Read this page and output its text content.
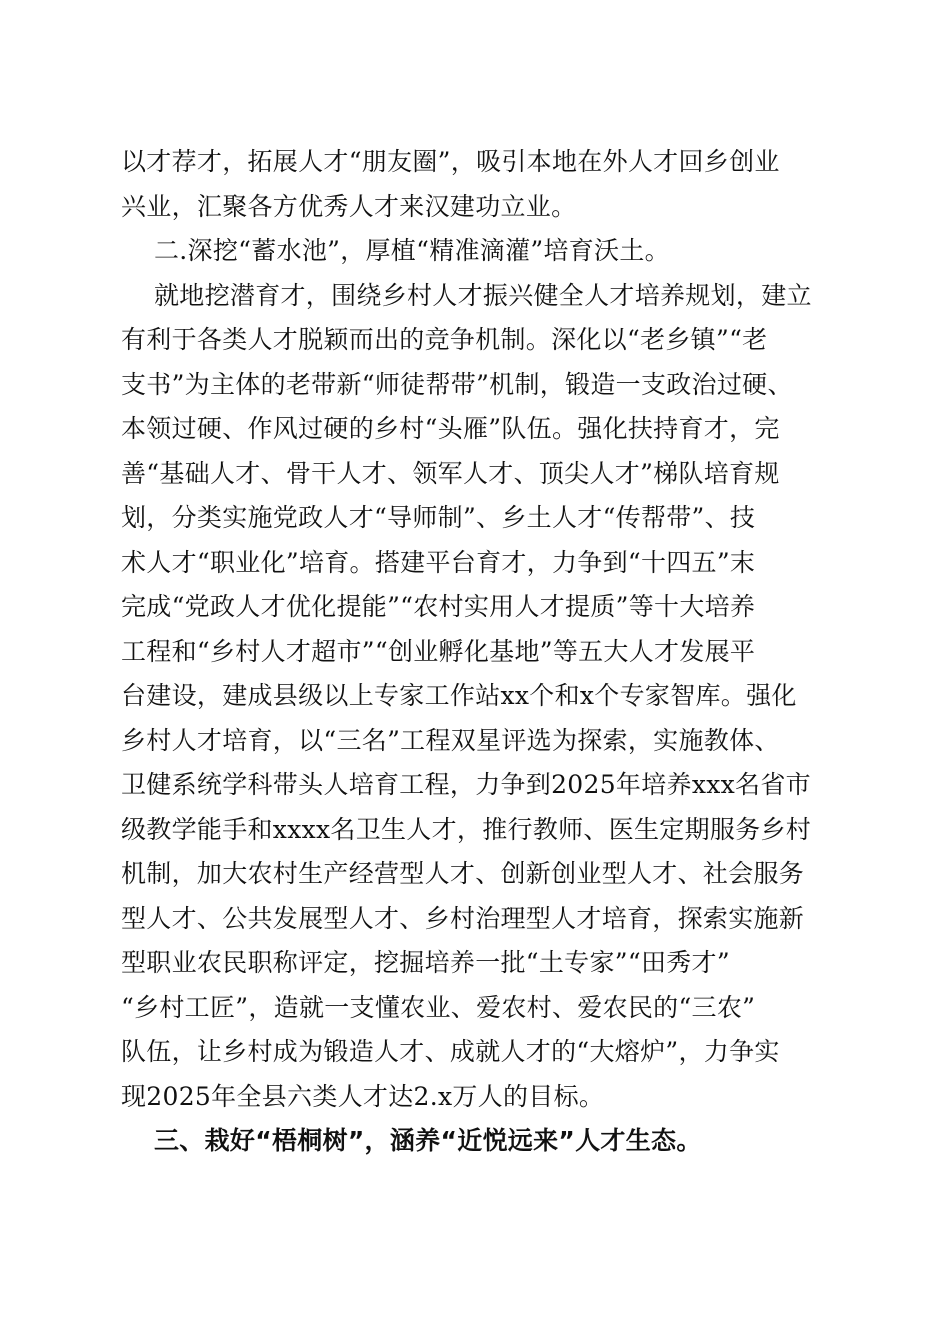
以才荐才，拓展人才“朋友圈”，吸引本地在外人才回乡创业
兴业，汇聚各方优秀人才来汉建功立业。
二.深挖“蓄水池”，厚植“精准滴灌”培育沃土。
就地挖潜育才，围绕乡村人才振兴健全人才培养规划，建立
有利于各类人才脱颖而出的竞争机制。深化以“老乡镇”“老
支书”为主体的老带新“师徒帮带”机制，锻造一支政治过硬、
本领过硬、作风过硬的乡村“头雁”队伍。强化扶持育才，完
善“基础人才、骨干人才、领军人才、顶尖人才”梯队培育规
划，分类实施党政人才“导师制”、乡土人才“传帮带”、技
术人才“职业化”培育。搭建平台育才，力争到“十四五”末
完成“党政人才优化提能”“农村实用人才提质”等十大培养
工程和“乡村人才超市”“创业孵化基地”等五大人才发展平
台建设，建成县级以上专家工作站xx个和x个专家智库。强化
乡村人才培育，以“三名”工程双星评选为探索，实施教体、
卫健系统学科带头人培育工程，力争到2025年培养xxx名省市
级教学能手和xxxx名卫生人才，推行教师、医生定期服务乡村
机制，加大农村生产经营型人才、创新创业型人才、社会服务
型人才、公共发展型人才、乡村治理型人才培育，探索实施新
型职业农民职称评定，挖掘培养一批“土专家”“田秀才”
“乡村工匠”，造就一支懂农业、爱农村、爱农民的“三农”
队伍，让乡村成为锻造人才、成就人才的“大熔炉”，力争实
现2025年全县六类人才达2.x万人的目标。
三、栽好“梧桐树”，涵养“近悦远来”人才生态。
